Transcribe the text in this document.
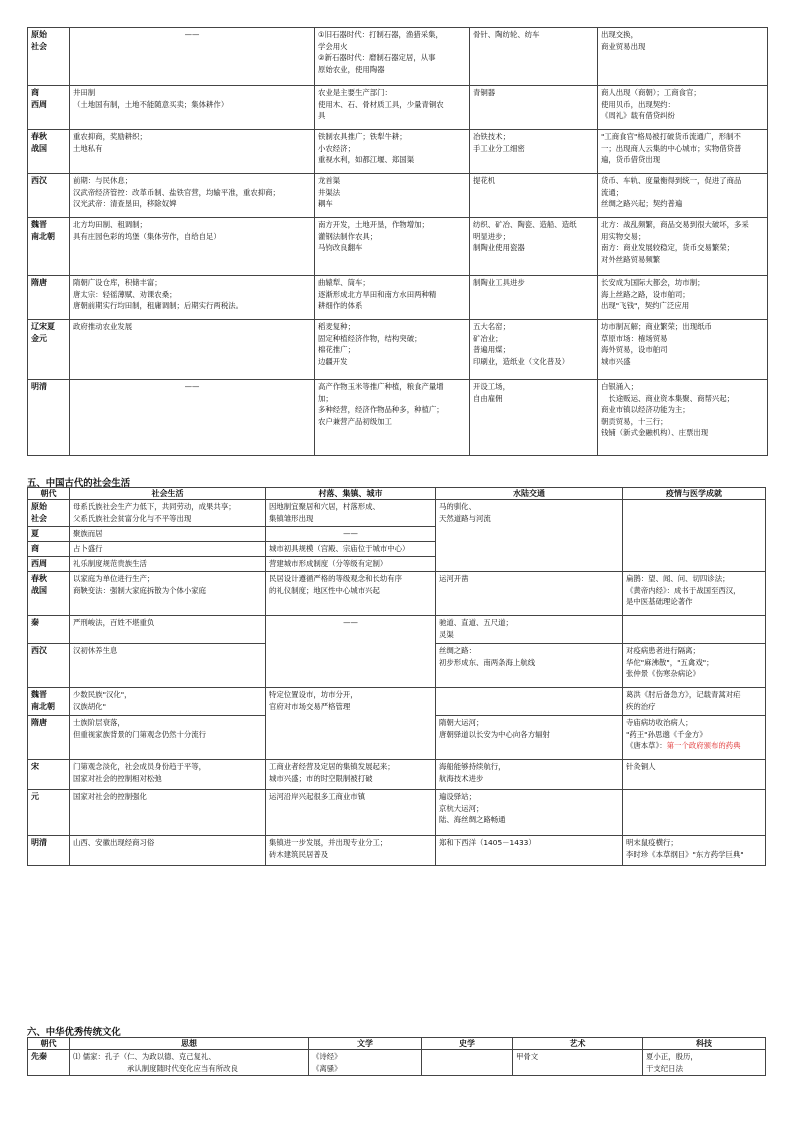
原始
社会	——	①旧石器时代：打制石器，渔猎采集，
学会用火
②新石器时代：磨制石器定居，从事
原始农业，使用陶器	骨针、陶纺轮、纺车	出现交换，
商业贸易出现

商
西周	井田制
（土地国有制，土地不能随意买卖；集体耕作）	农业是主要生产部门：
使用木、石、骨材质工具，少量青铜农
具	青铜器	商人出现（商朝）；工商食官；
使用贝币，出现契约：
《周礼》载有借贷纠纷

春秋
战国	重农抑商，奖励耕织；
土地私有	铁制农具推广；铁犁牛耕；
小农经济；
重视水利，如都江堰、郑国渠	冶铁技术；
手工业分工细密	"工商食官"格局被打破货币流通广，形制不
一；出现商人云集的中心城市；实物借贷普
遍，货币借贷出现

西汉	前期：与民休息；
汉武帝经济管控：改革币制、盐铁官营，均输平准，重农抑商；
汉光武帝：清查垦田，移除奴婢	龙首渠
井渠法
耦车	提花机	货币、车轨、度量衡得到统一，促进了商品
流通；
丝绸之路兴起；契约普遍

魏晋
南北朝	北方均田制、租调制；
具有庄园色彩的坞堡（集体劳作，自给自足）	南方开发，土地开垦，作物增加；
灌钢法制作农具；
马钧改良翻车	纺织、矿冶、陶瓷、造船、造纸
明显进步；
制陶业使用瓷器	北方：战乱频繁，商品交易到很大破坏，多采
用实物交易；
南方：商业发展较稳定，货币交易繁荣；
对外丝路贸易频繁

隋唐	隋朝广设仓库，积储丰富；
唐太宗：轻徭薄赋、劝课农桑；
唐朝前期实行均田制，租庸调制；后期实行两税法。	曲辕犁、筒车；
逐渐形成北方旱田和南方水田两种精
耕细作的体系	制陶业工具进步	长安成为国际大都会，坊市制；
海上丝路之路，设市舶司；
出现"飞钱"，契约广泛应用

辽宋夏
金元	政府推动农业发展	稻麦复种；
固定种植经济作物，结构突破；
棉花推广；
边疆开发	五大名窑；
矿冶业；
普遍用煤；
印刷业，造纸业（文化普及）	坊市制瓦解；商业繁荣；出现纸币
草原市场：榷场贸易
海外贸易，设市舶司
城市兴盛

明清	——	高产作物玉米等推广种植，粮食产量增
加；
多种经营，经济作物品种多，种植广；
农户兼营产品初级加工	开设工场，
自由雇佣	白银涌入；
　长途贩运、商业资本集聚、商帮兴起；
商业市镇以经济功能为主；
朝贡贸易，十三行；
钱铺（新式金融机构）、庄票出现
五、中国古代的社会生活
朝代	社会生活	村落、集镇、城市	水陆交通	疫情与医学成就

原始
社会	母系氏族社会生产力低下，共同劳动，成果共享；
父系氏族社会贫富分化与不平等出现	因地制宜聚居和穴居，村落形成、
集镇雏形出现	马的驯化、
天然道路与河流	

夏	聚族而居	——		

商	占卜盛行	城市初具规模（宫殿、宗庙位于城市中心）		

西周	礼乐制度规范贵族生活	营建城市形成制度（分等级有定制）		

春秋
战国	以家庭为单位进行生产；
商鞅变法：强制大家庭拆散为个体小家庭	民居设计遵循严格的等级观念和长幼有序
的礼仪制度；地区性中心城市兴起	运河开凿	扁鹊：望、闻、问、切四诊法；
《黄帝内经》：成书于战国至西汉，
是中医基础理论著作

秦	严刑峻法，百姓不堪重负	——	驰道、直道、五尺道；
灵渠	

西汉	汉初休养生息		丝绸之路：
初步形成东、南两条海上航线	对疫病患者进行隔离；
华佗"麻沸散"，"五禽戏"；
张仲景《伤寒杂病论》

魏晋
南北朝	少数民族"汉化"，
汉族胡化"	特定位置设市，坊市分开，
官府对市场交易严格管理		葛洪《肘后备急方》，记载青蒿对疟
疾的治疗

隋唐	士族阶层衰落，
但重视家族背景的门第观念仍然十分流行		隋朝大运河；
唐朝驿道以长安为中心向各方辐射	寺庙病坊收治病人；
"药王"孙思邈《千金方》
《唐本草》：第一个政府颁布的药典

宋	门第观念淡化，社会成员身份趋于平等，
国家对社会的控制相对松弛	工商业者经营及定居的集镇发展起来；
城市兴盛；市的时空限制被打破	海船能够持续航行，
航海技术进步	针灸铜人

元	国家对社会的控制强化	运河沿岸兴起很多工商业市镇	遍设驿站；
京杭大运河；
陆、海丝绸之路畅通	

明清	山西、安徽出现经商习俗	集镇进一步发展，并出现专业分工；
砖木建筑民居普及	郑和下西洋（1405－1433）	明末鼠疫横行；
李时珍《本草纲目》"东方药学巨典"
六、中华优秀传统文化
朝代	思想	文学	史学	艺术	科技
先秦	⑴ 儒家：孔子（仁、为政以德、克己复礼、
承认制度随时代变化应当有所改良	《诗经》
《离骚》		甲骨文	夏小正，殷历，
干支纪日法
